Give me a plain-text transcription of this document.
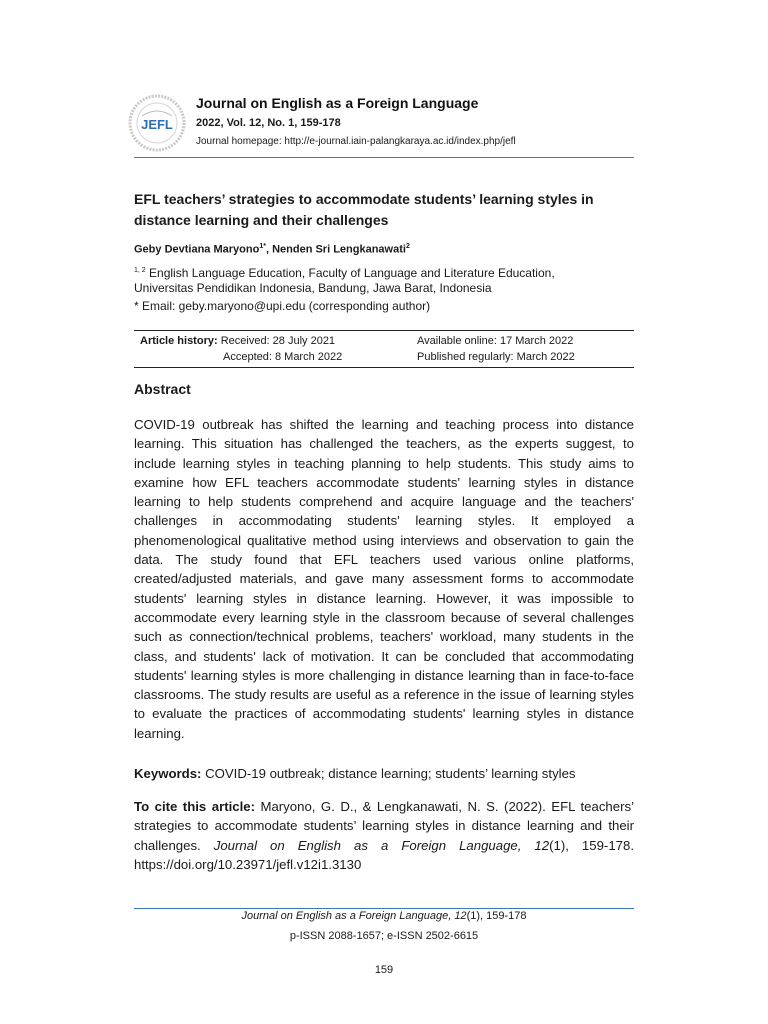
JEFL
Journal on English as a Foreign Language
2022, Vol. 12, No. 1, 159-178
Journal homepage: http://e-journal.iain-palangkaraya.ac.id/index.php/jefl
EFL teachers’ strategies to accommodate students’ learning styles in distance learning and their challenges
Geby Devtiana Maryono$^{1*}$, Nenden Sri Lengkanawati$^2$
$^{1, 2}$ English Language Education, Faculty of Language and Literature Education,
Universitas Pendidikan Indonesia, Bandung, Jawa Barat, Indonesia
* Email: geby.maryono@upi.edu (corresponding author)
Article history: Received: 28 July 2021
Accepted: 8 March 2022
Available online: 17 March 2022
Published regularly: March 2022
Abstract
COVID-19 outbreak has shifted the learning and teaching process into distance learning. This situation has challenged the teachers, as the experts suggest, to include learning styles in teaching planning to help students. This study aims to examine how EFL teachers accommodate students' learning styles in distance learning to help students comprehend and acquire language and the teachers' challenges in accommodating students' learning styles. It employed a phenomenological qualitative method using interviews and observation to gain the data. The study found that EFL teachers used various online platforms, created/adjusted materials, and gave many assessment forms to accommodate students' learning styles in distance learning. However, it was impossible to accommodate every learning style in the classroom because of several challenges such as connection/technical problems, teachers' workload, many students in the class, and students' lack of motivation. It can be concluded that accommodating students' learning styles is more challenging in distance learning than in face-to-face classrooms. The study results are useful as a reference in the issue of learning styles to evaluate the practices of accommodating students' learning styles in distance learning.
Keywords: COVID-19 outbreak; distance learning; students’ learning styles
To cite this article: Maryono, G. D., & Lengkanawati, N. S. (2022). EFL teachers’ strategies to accommodate students’ learning styles in distance learning and their challenges. Journal on English as a Foreign Language, 12(1), 159-178. https://doi.org/10.23971/jefl.v12i1.3130
Journal on English as a Foreign Language, 12(1), 159-178
p-ISSN 2088-1657; e-ISSN 2502-6615
159
